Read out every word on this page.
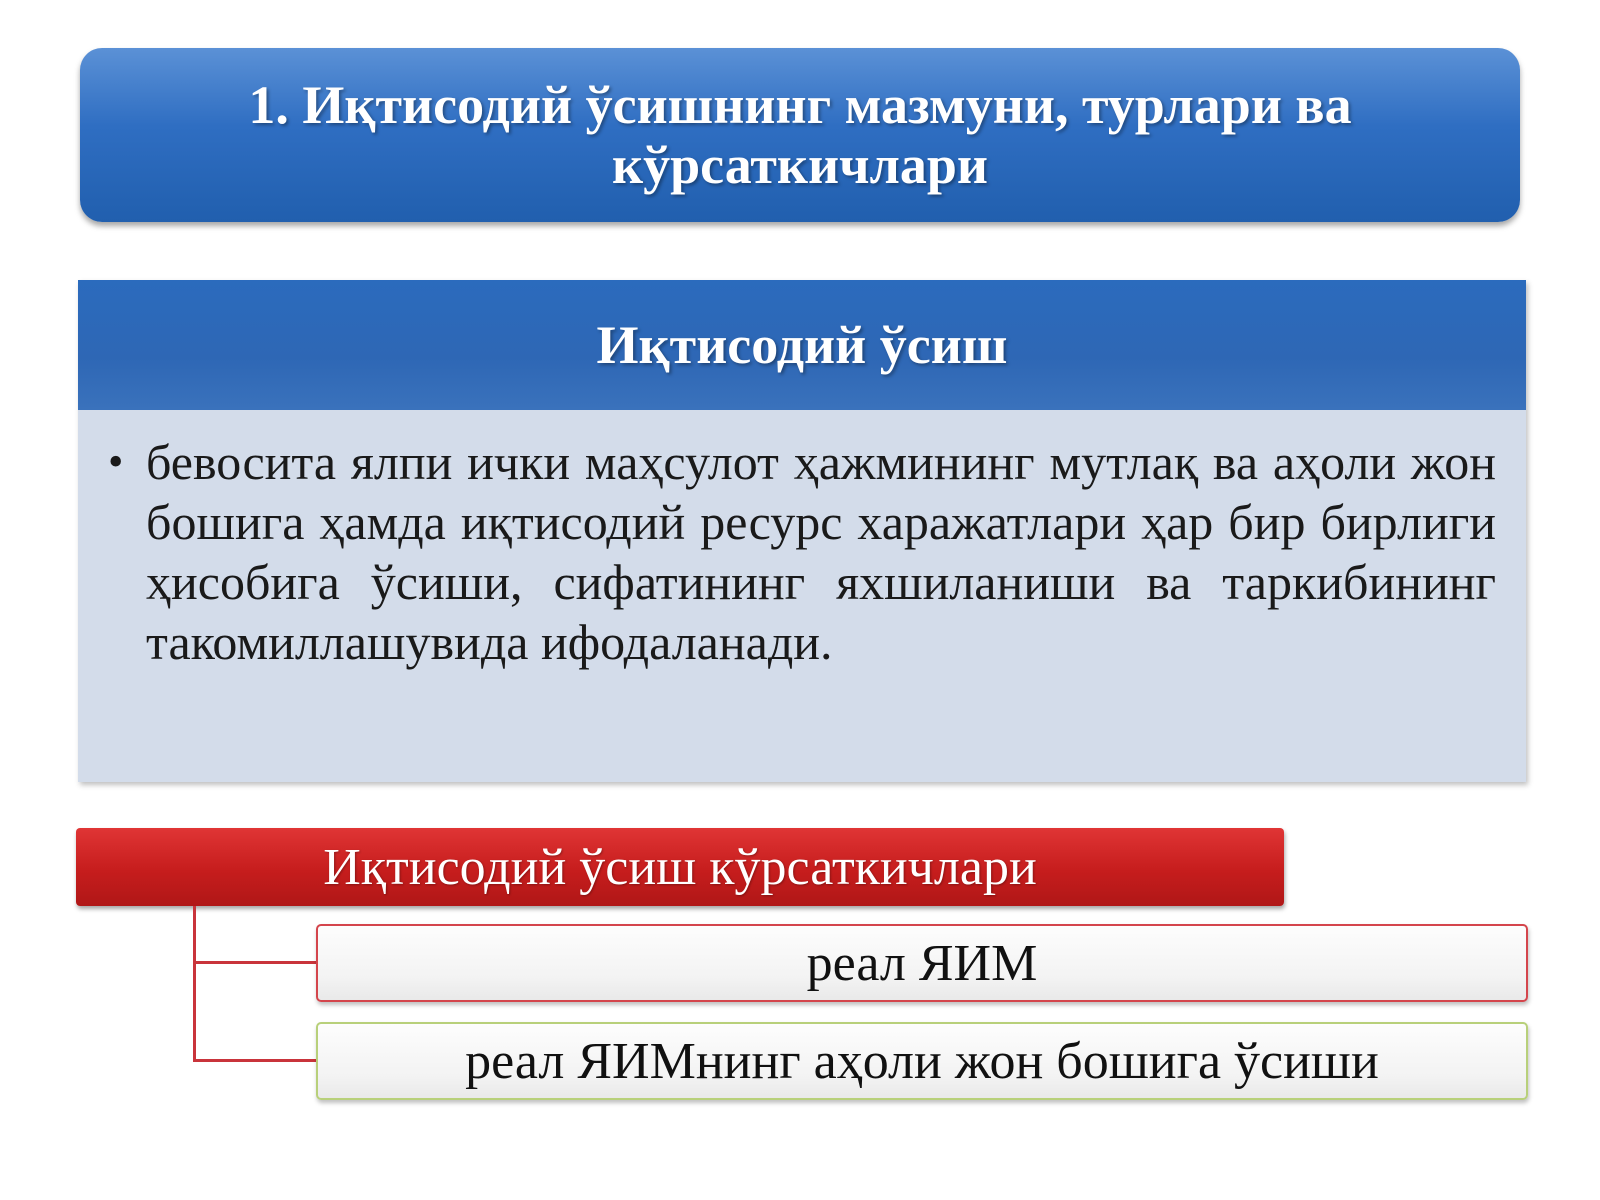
1. Иқтисодий ўсишнинг мазмуни, турлари ва кўрсаткичлари
Иқтисодий ўсиш
• бевосита ялпи ички маҳсулот ҳажмининг мутлақ ва аҳоли жон бошига ҳамда иқтисодий ресурс харажатлари ҳар бир бирлиги ҳисобига ўсиши, сифатининг яхшиланиши ва таркибининг такомиллашувида ифодаланади.
Иқтисодий ўсиш кўрсаткичлари
реал ЯИМ
реал ЯИМнинг аҳоли жон бошига ўсиши
